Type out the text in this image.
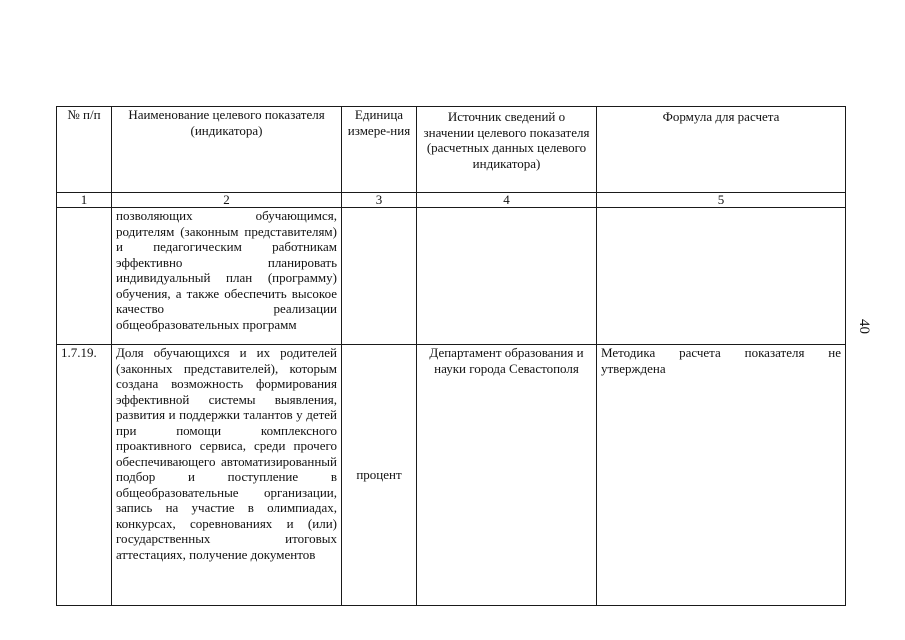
№ п/п	Наименование целевого показателя (индикатора)	Единица измере-ния	Источник сведений о значении целевого показателя (расчетных данных целевого индикатора)	Формула для расчета
1	2	3	4	5
	позволяющих обучающимся, родителям (законным представителям) и педагогическим работникам эффективно планировать индивидуальный план (программу) обучения, а также обеспечить высокое качество реализации общеобразовательных программ			
1.7.19.	Доля обучающихся и их родителей (законных представителей), которым создана возможность формирования эффективной системы выявления, развития и поддержки талантов у детей при помощи комплексного проактивного сервиса, среди прочего обеспечивающего автоматизированный подбор и поступление в общеобразовательные организации, запись на участие в олимпиадах, конкурсах, соревнованиях и (или) государственных итоговых аттестациях, получение документов	процент	Департамент образования и науки города Севастополя	Методика расчета показателя не утверждена
40
